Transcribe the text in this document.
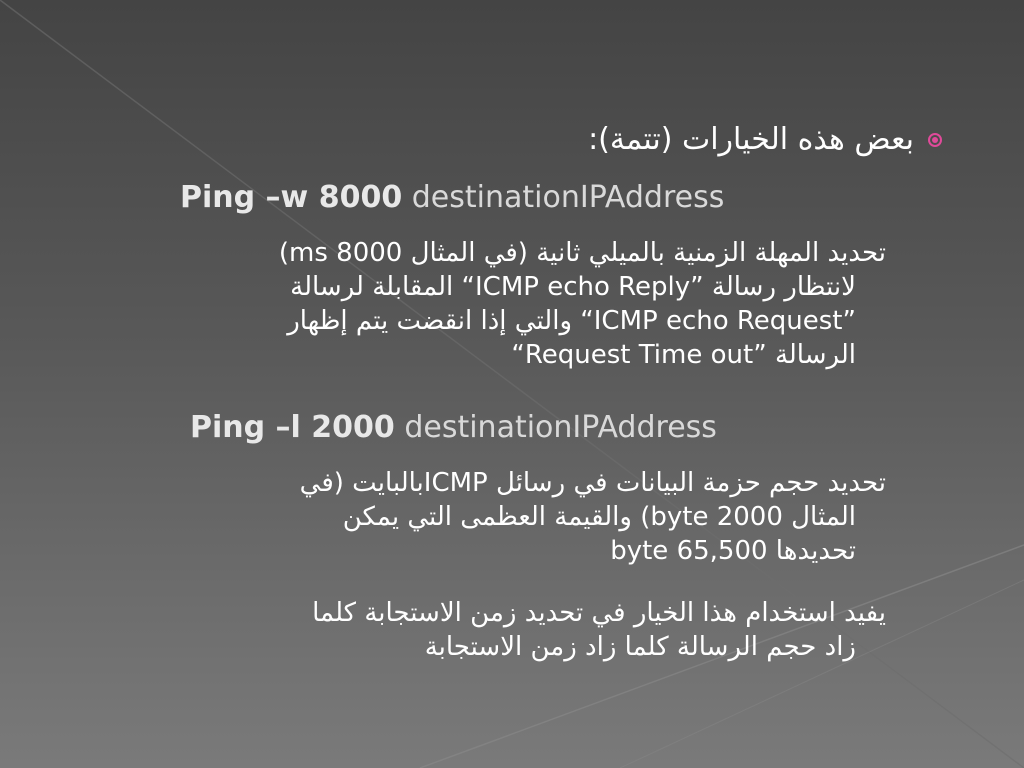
بعض هذه الخيارات (تتمة):
Ping –w 8000 destinationIPAddress
تحديد المهلة الزمنية بالميلي ثانية (في المثال 8000 ms)
لانتظار رسالة ”ICMP echo Reply“ المقابلة لرسالة
”ICMP echo Request“ والتي إذا انقضت يتم إظهار
الرسالة ”Request Time out“
Ping –l 2000 destinationIPAddress
تحديد حجم حزمة البيانات في رسائل ICMPبالبايت (في
المثال 2000 byte) والقيمة العظمى التي يمكن
تحديدها 65,500 byte
يفيد استخدام هذا الخيار في تحديد زمن الاستجابة كلما
زاد حجم الرسالة كلما زاد زمن الاستجابة
